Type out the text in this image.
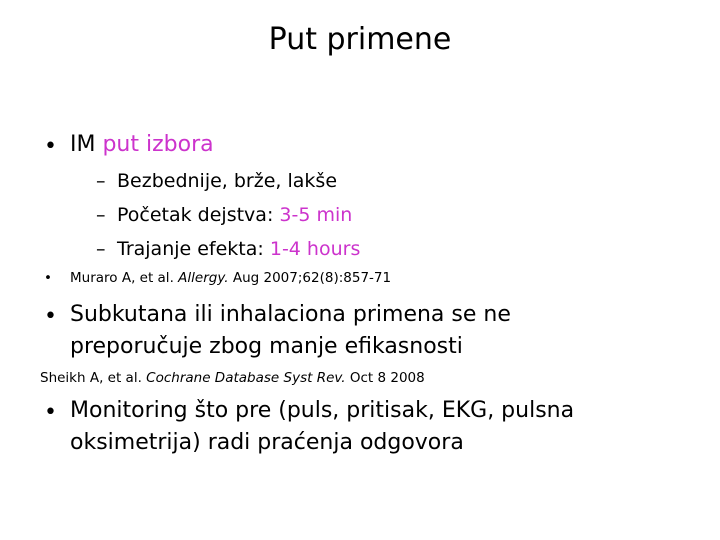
Put primene
• IM put izbora
– Bezbednije, brže, lakše
– Početak dejstva: 3-5 min
– Trajanje efekta: 1-4 hours
• Muraro A, et al. Allergy. Aug 2007;62(8):857-71
• Subkutana ili inhalaciona primena se ne
preporučuje zbog manje efikasnosti
Sheikh A, et al. Cochrane Database Syst Rev. Oct 8 2008
• Monitoring što pre (puls, pritisak, EKG, pulsna
oksimetrija) radi praćenja odgovora
